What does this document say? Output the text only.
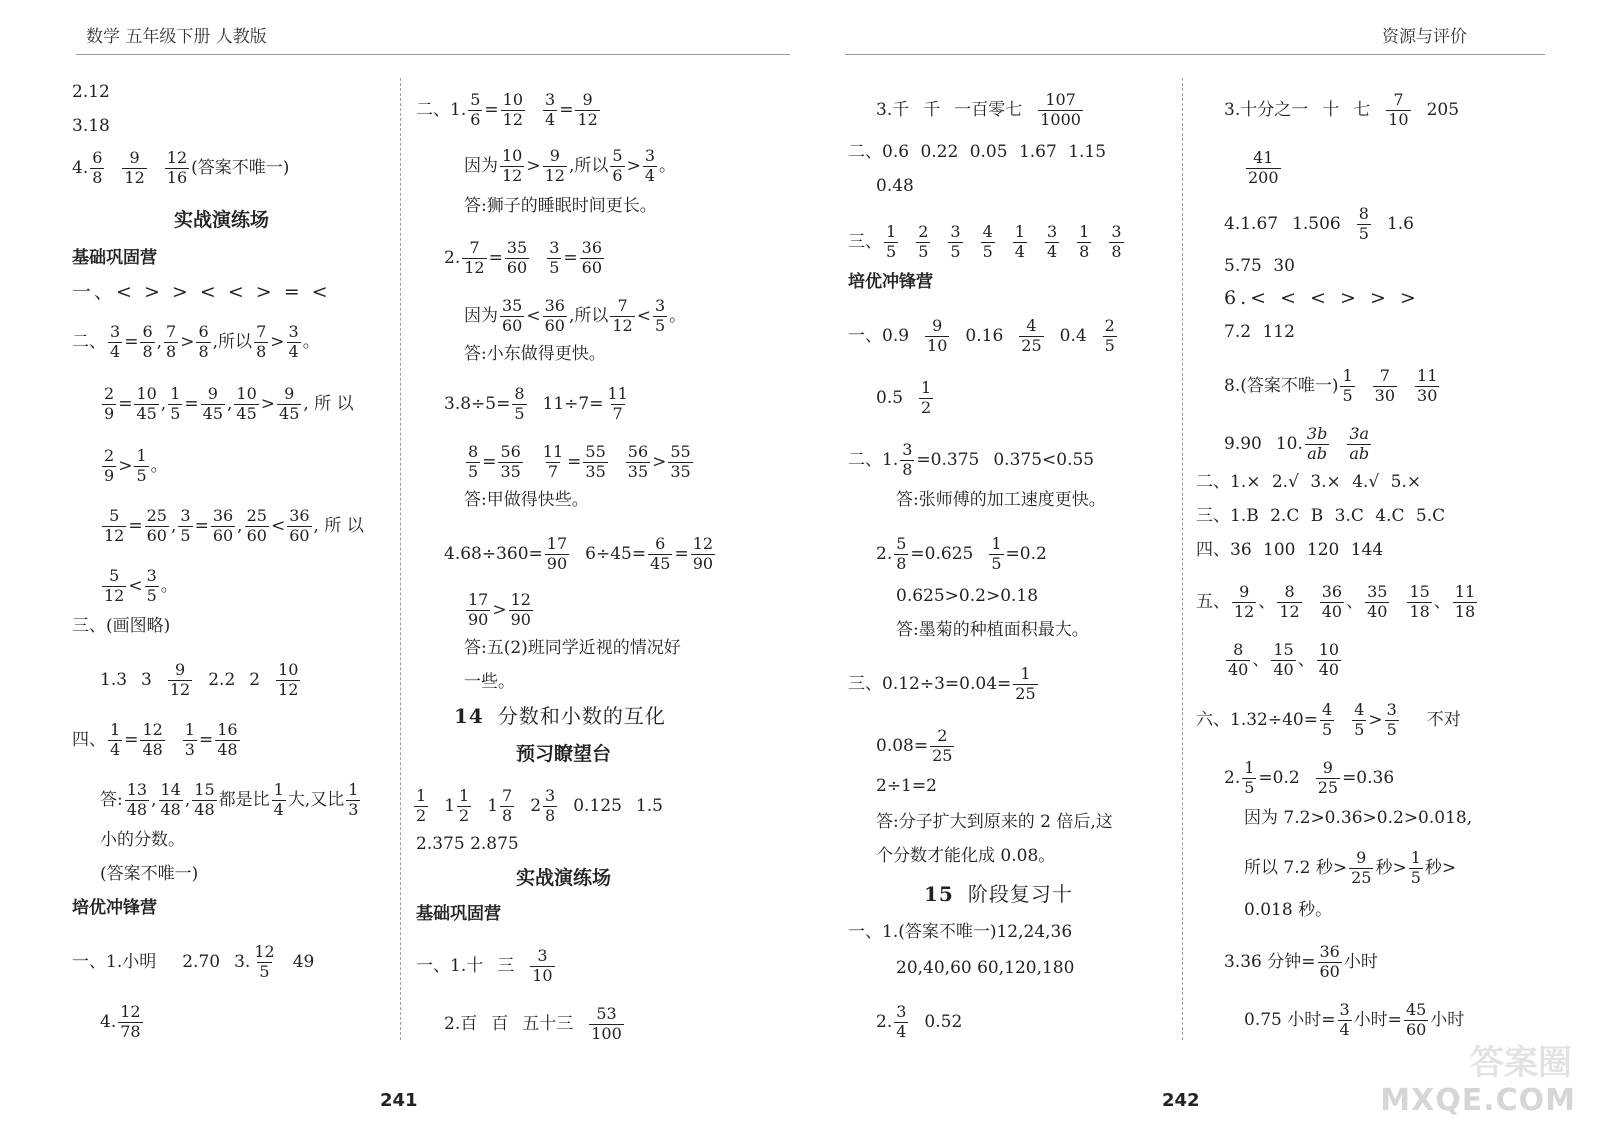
数学 五年级下册 人教版	资源与评价
2.12
3.18
4. $\frac{6}{8} \frac{9}{12} \frac{12}{16}$ (答案不唯一)
实战演练场
基础巩固营
一、< > > < < > = <
二、 $\frac{3}{4} = \frac{6}{8}$ , $\frac{7}{8} > \frac{6}{8}$ ,所以 $\frac{7}{8} > \frac{3}{4}$ 。
$\frac{2}{9} = \frac{10}{45}$ , $\frac{1}{5} = \frac{9}{45}$ , $\frac{10}{45} > \frac{9}{45}$ , 所 以
$\frac{2}{9} > \frac{1}{5}$ 。
$\frac{5}{12} = \frac{25}{60}$ , $\frac{3}{5} = \frac{36}{60}$ , $\frac{25}{60} < \frac{36}{60}$ , 所 以
$\frac{5}{12} < \frac{3}{5}$ 。
三、(画图略)
1.3 $3 \frac{9}{12} 2.2$ $2 \frac{10}{12}$
四、 $\frac{1}{4} = \frac{12}{48} \frac{1}{3} = \frac{16}{48}$
答: $\frac{13}{48}$ , $\frac{14}{48}$ , $\frac{15}{48}$ 都是比 $\frac{1}{4}$ 大,又比 $\frac{1}{3}$
小的分数。
(答案不唯一)
培优冲锋营
一、1.小明 2.70 3. $\frac{12}{5} 49$
4. $\frac{12}{78}$
二、1. $\frac{5}{6} = \frac{10}{12} \frac{3}{4} = \frac{9}{12}$
因为 $\frac{10}{12} > \frac{9}{12}$ ,所以 $\frac{5}{6} > \frac{3}{4}$ 。
答:狮子的睡眠时间更长。
2. $\frac{7}{12} = \frac{35}{60} \frac{3}{5} = \frac{36}{60}$
因为 $\frac{35}{60} < \frac{36}{60}$ ,所以 $\frac{7}{12} < \frac{3}{5}$ 。
答:小东做得更快。
$3.8\div 5= \frac{8}{5} 11\div 7= \frac{11}{7}$
$\frac{8}{5} = \frac{56}{35} \frac{11}{7} = \frac{55}{35} \frac{56}{35} > \frac{55}{35}$
答:甲做得快些。
$4.68\div 360= \frac{17}{90} 6\div 45= \frac{6}{45} = \frac{12}{90}$
$\frac{17}{90} > \frac{12}{90}$
答:五(2)班同学近视的情况好
一些。
14 分数和小数的互化
预习瞭望台
$\frac{1}{2} 1 \frac{1}{2} 1 \frac{7}{8} 2 \frac{3}{8} 0.125$ 1.5
2.375 2.875
实战演练场
基础巩固营
一、1.十 三 $\frac{3}{10}$
2.百 百 五十三 $\frac{53}{100}$
3.千 千 一百零七 $\frac{107}{1000}$
二、0.6 0.22 0.05 1.67 1.15
0.48
三、 $\frac{1}{5} \frac{2}{5} \frac{3}{5} \frac{4}{5} \frac{1}{4} \frac{3}{4} \frac{1}{8} \frac{3}{8}$
培优冲锋营
一、$0.9 \frac{9}{10} 0.16 \frac{4}{25} 0.4 \frac{2}{5}$
$0.5 \frac{1}{2}$
二、1. $\frac{3}{8} =0.375$ 0.375<0.55
答:张师傅的加工速度更快。
2. $\frac{5}{8} =0.625 \frac{1}{5} =0.2$
0.625>0.2>0.18
答:墨菊的种植面积最大。
三、$0.12\div 3=0.04= \frac{1}{25}$
$0.08= \frac{2}{25}$
2÷1=2
答:分子扩大到原来的 2 倍后,这
个分数才能化成 0.08。
15 阶段复习十
一、1.(答案不唯一)12,24,36
20,40,60 60,120,180
2. $\frac{3}{4} 0.52$
3.十分之一 十 七 $\frac{7}{10} 205$
$\frac{41}{200}$
4.1.67 $1.506 \frac{8}{5} 1.6$
5.75 30
6.< < < > > >
7.2 112
8.(答案不唯一) $\frac{1}{5} \frac{7}{30} \frac{11}{30}$
9.90 10. $\frac{3b}{ab} \frac{3a}{ab}$
二、1.× 2.√ 3.× 4.√ 5.×
三、1.B 2.C B 3.C 4.C 5.C
四、36 100 120 144
五、 $\frac{9}{12}$ 、 $\frac{8}{12} \frac{36}{40}$ 、 $\frac{35}{40} \frac{15}{18}$ 、 $\frac{11}{18}$
$\frac{8}{40}$ 、 $\frac{15}{40}$ 、 $\frac{10}{40}$
六、$1.32\div 40= \frac{4}{5} \frac{4}{5} > \frac{3}{5}$ 不对
2. $\frac{1}{5} =0.2 \frac{9}{25} =0.36$
因为 7.2>0.36>0.2>0.018,
所以 7.2 秒> $\frac{9}{25}$ 秒> $\frac{1}{5}$ 秒>
0.018 秒。
3.36 分钟= $\frac{36}{60}$ 小时
0.75 小时= $\frac{3}{4}$ 小时= $\frac{45}{60}$ 小时
241	242
答案圈
MXQE.COM
